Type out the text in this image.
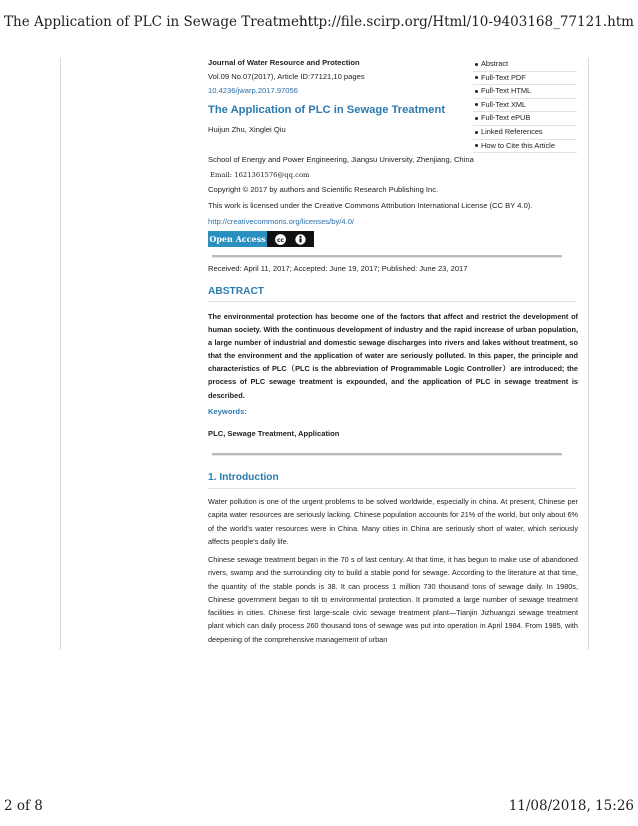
The Application of PLC in Sewage Treatment
http://file.scirp.org/Html/10-9403168_77121.htm
Journal of Water Resource and Protection
Vol.09 No.07(2017), Article ID:77121,10 pages
10.4236/jwarp.2017.97056
The Application of PLC in Sewage Treatment
Huijun Zhu, Xinglei Qiu
Abstract
Full-Text PDF
Full-Text HTML
Full-Text XML
Full-Text ePUB
Linked References
How to Cite this Article
School of Energy and Power Engineering, Jiangsu University, Zhenjiang, China
Email: 1621361576@qq.com
Copyright © 2017 by authors and Scientific Research Publishing Inc.
This work is licensed under the Creative Commons Attribution International License (CC BY 4.0).
http://creativecommons.org/licenses/by/4.0/
Open Access cc
Received: April 11, 2017; Accepted: June 19, 2017; Published: June 23, 2017
ABSTRACT
The environmental protection has become one of the factors that affect and restrict the development of human society. With the continuous development of industry and the rapid increase of urban population, a large number of industrial and domestic sewage discharges into rivers and lakes without treatment, so that the environment and the application of water are seriously polluted. In this paper, the principle and characteristics of PLC（PLC is the abbreviation of Programmable Logic Controller）are introduced; the process of PLC sewage treatment is expounded, and the application of PLC in sewage treatment is described.
Keywords:
PLC, Sewage Treatment, Application
1. Introduction
Water pollution is one of the urgent problems to be solved worldwide, especially in china. At present, Chinese per capita water resources are seriously lacking. Chinese population accounts for 21% of the world, but only about 6% of the world's water resources were in China. Many cities in China are seriously short of water, which seriously affects people's daily life.
Chinese sewage treatment began in the 70 s of last century. At that time, it has begun to make use of abandoned rivers, swamp and the surrounding city to build a stable pond for sewage. According to the literature at that time, the quantity of the stable ponds is 38. It can process 1 million 730 thousand tons of sewage daily. In 1980s, Chinese government began to tilt to environmental protection. It promoted a large number of sewage treatment facilities in cities. Chinese first large-scale civic sewage treatment plant—Tianjin Jizhuangzi sewage treatment plant which can daily process 260 thousand tons of sewage was put into operation in April 1984. From 1985, with deepening of the comprehensive management of urban
2 of 8	11/08/2018, 15:26
